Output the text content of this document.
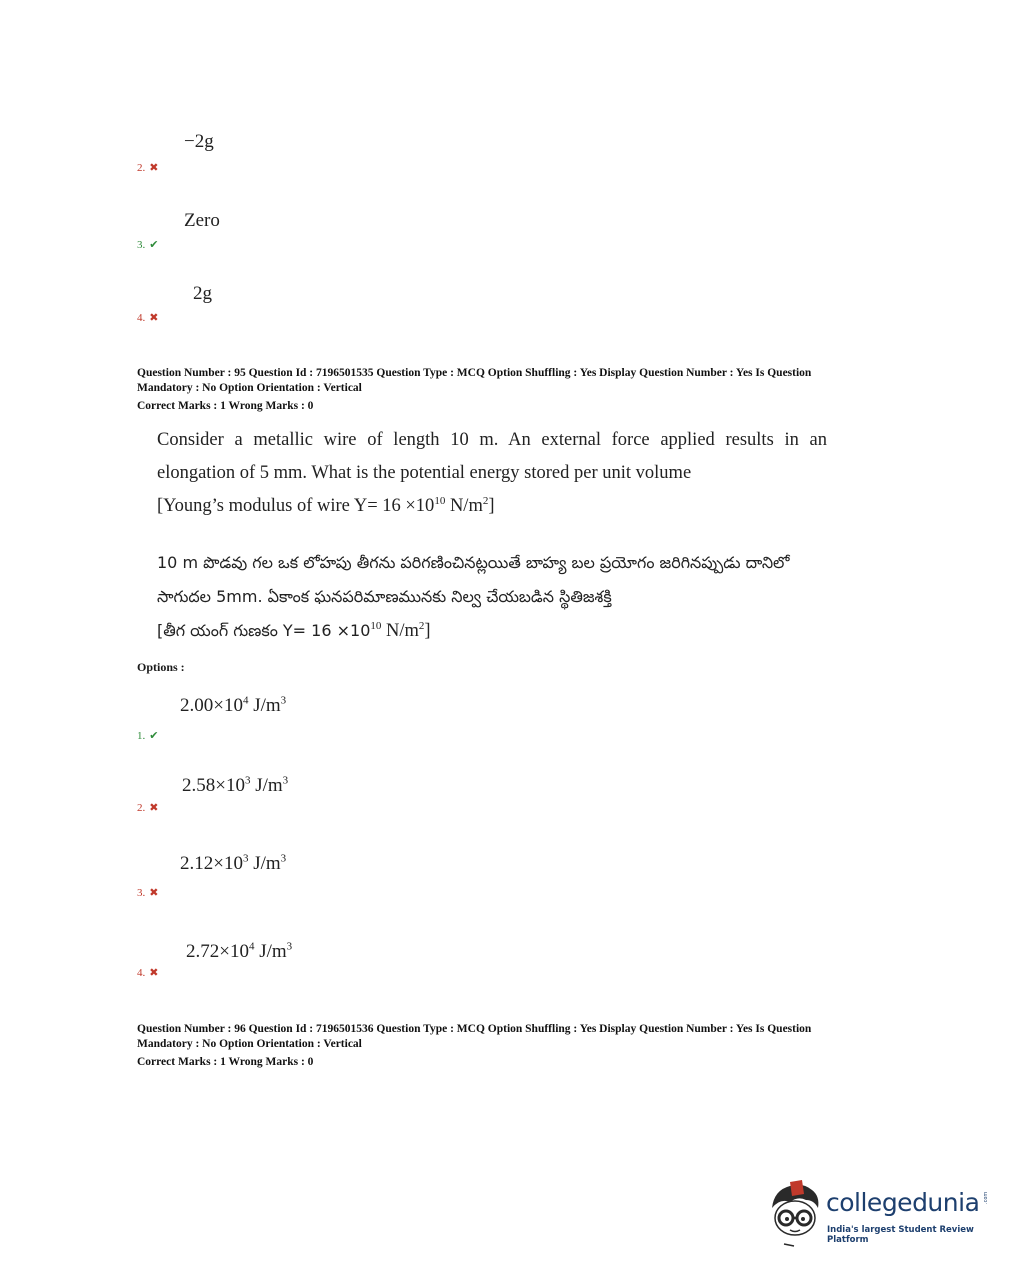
−2g
2. ✖
Zero
3. ✔
2g
4. ✖
Question Number : 95 Question Id : 7196501535 Question Type : MCQ Option Shuffling : Yes Display Question Number : Yes Is Question
Mandatory : No Option Orientation : Vertical
Correct Marks : 1 Wrong Marks : 0
Consider a metallic wire of length 10 m. An external force applied results in an
elongation of 5 mm. What is the potential energy stored per unit volume
[Young’s modulus of wire $Y= 16 \times 10^{10}$ $N/m^2$]
10 m పొడవు గల ఒక లోహపు తీగను పరిగణించినట్లయితే బాహ్య బల ప్రయోగం జరిగినప్పుడు దానిలో
సాగుదల 5mm. ఏకాంక ఘనపరిమాణమునకు నిల్వ చేయబడిన స్థితిజశక్తి
[తీగ యంగ్ గుణకం $Y= 16 \times 10^{10}$ $N/m^2$]
Options :
$2.00\times 10^4$ $J/m^3$
1. ✔
$2.58\times 10^3$ $J/m^3$
2. ✖
$2.12\times 10^3$ $J/m^3$
3. ✖
$2.72\times 10^4$ $J/m^3$
4. ✖
Question Number : 96 Question Id : 7196501536 Question Type : MCQ Option Shuffling : Yes Display Question Number : Yes Is Question
Mandatory : No Option Orientation : Vertical
Correct Marks : 1 Wrong Marks : 0
collegedunia
India's largest Student Review Platform
.com
